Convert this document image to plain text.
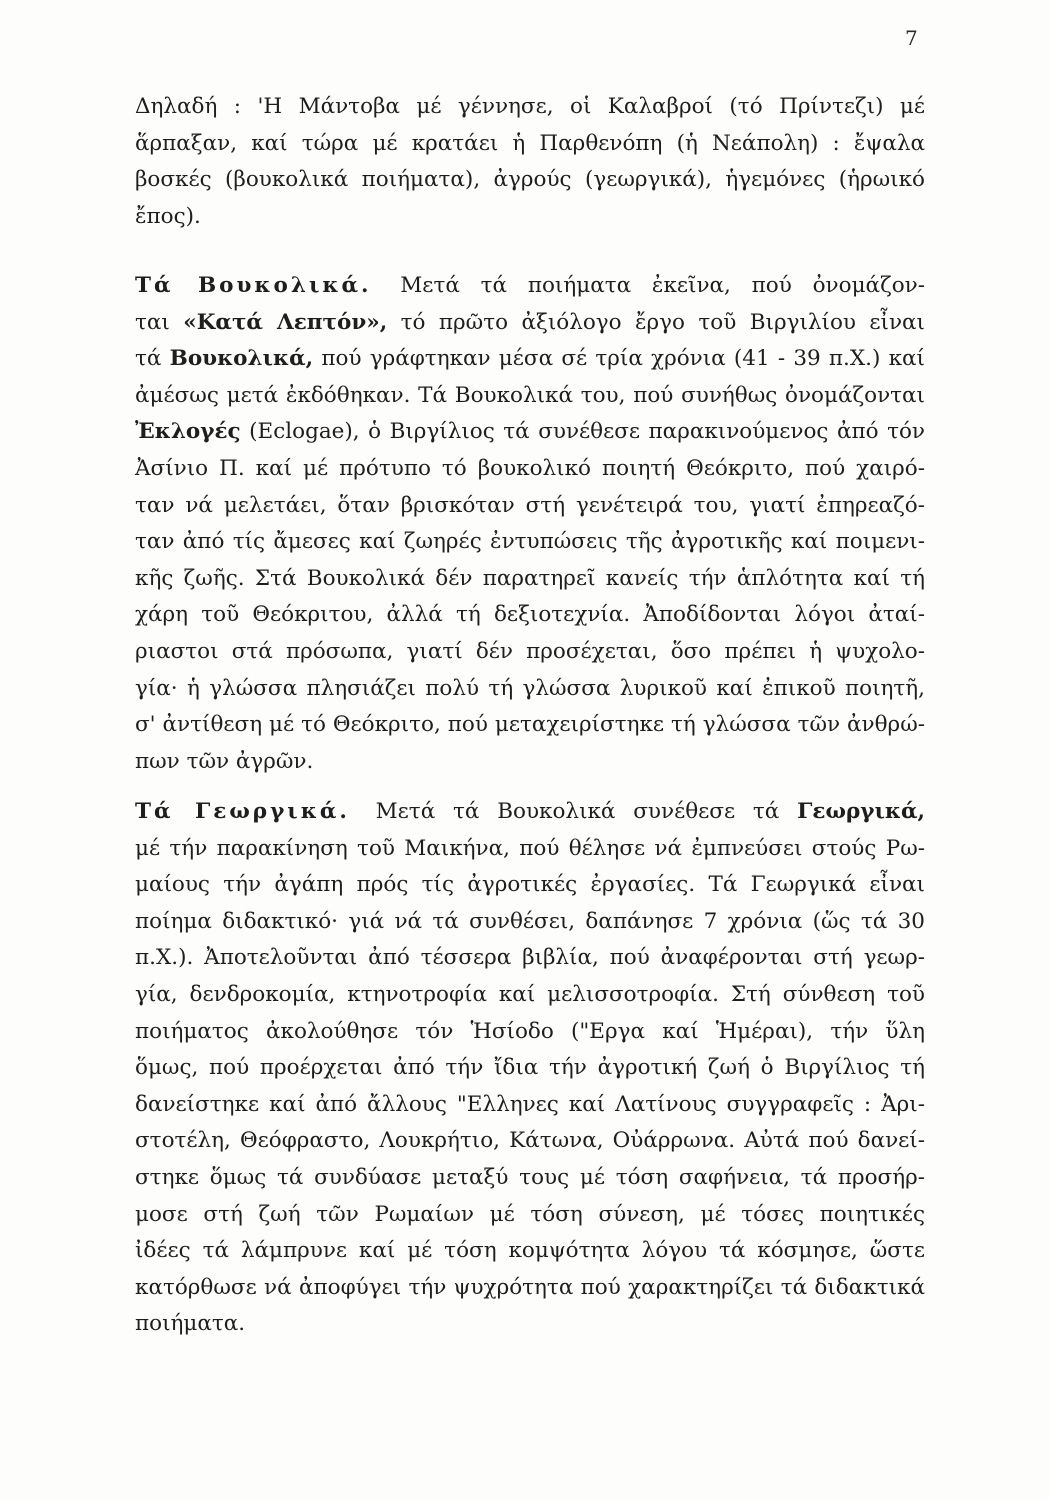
7
Δηλαδή : 'Η Μάντοβα μέ γέννησε, οἱ Καλαβροί (τό Πρίντεζι) μέ
ἅρπαξαν, καί τώρα μέ κρατάει ἡ Παρθενόπη (ἡ Νεάπολη) : ἔψαλα
βοσκές (βουκολικά ποιήματα), ἀγρούς (γεωργικά), ἡγεμόνες (ἡρωικό
ἔπος).
Τά Βουκολικά. Μετά τά ποιήματα ἐκεῖνα, πού ὀνομάζον-
ται «Κατά Λεπτόν», τό πρῶτο ἀξιόλογο ἔργο τοῦ Βιργιλίου εἶναι
τά Βουκολικά, πού γράφτηκαν μέσα σέ τρία χρόνια (41 - 39 π.Χ.) καί
ἀμέσως μετά ἐκδόθηκαν. Τά Βουκολικά του, πού συνήθως ὀνομάζονται
Ἐκλογές (Eclogae), ὁ Βιργίλιος τά συνέθεσε παρακινούμενος ἀπό τόν
Ἀσίνιο Π. καί μέ πρότυπο τό βουκολικό ποιητή Θεόκριτο, πού χαιρό-
ταν νά μελετάει, ὅταν βρισκόταν στή γενέτειρά του, γιατί ἐπηρεαζό-
ταν ἀπό τίς ἄμεσες καί ζωηρές ἐντυπώσεις τῆς ἀγροτικῆς καί ποιμενι-
κῆς ζωῆς. Στά Βουκολικά δέν παρατηρεῖ κανείς τήν ἁπλότητα καί τή
χάρη τοῦ Θεόκριτου, ἀλλά τή δεξιοτεχνία. Ἀποδίδονται λόγοι ἀταί-
ριαστοι στά πρόσωπα, γιατί δέν προσέχεται, ὅσο πρέπει ἡ ψυχολο-
γία· ἡ γλώσσα πλησιάζει πολύ τή γλώσσα λυρικοῦ καί ἐπικοῦ ποιητῆ,
σ' ἀντίθεση μέ τό Θεόκριτο, πού μεταχειρίστηκε τή γλώσσα τῶν ἀνθρώ-
πων τῶν ἀγρῶν.
Τά Γεωργικά. Μετά τά Βουκολικά συνέθεσε τά Γεωργικά,
μέ τήν παρακίνηση τοῦ Μαικήνα, πού θέλησε νά ἐμπνεύσει στούς Ρω-
μαίους τήν ἀγάπη πρός τίς ἀγροτικές ἐργασίες. Τά Γεωργικά εἶναι
ποίημα διδακτικό· γιά νά τά συνθέσει, δαπάνησε 7 χρόνια (ὥς τά 30
π.Χ.). Ἀποτελοῦνται ἀπό τέσσερα βιβλία, πού ἀναφέρονται στή γεωρ-
γία, δενδροκομία, κτηνοτροφία καί μελισσοτροφία. Στή σύνθεση τοῦ
ποιήματος ἀκολούθησε τόν Ἡσίοδο ("Εργα καί Ἡμέραι), τήν ὕλη
ὅμως, πού προέρχεται ἀπό τήν ἴδια τήν ἀγροτική ζωή ὁ Βιργίλιος τή
δανείστηκε καί ἀπό ἄλλους "Ελληνες καί Λατίνους συγγραφεῖς : Ἀρι-
στοτέλη, Θεόφραστο, Λουκρήτιο, Κάτωνα, Οὐάρρωνα. Αὐτά πού δανεί-
στηκε ὅμως τά συνδύασε μεταξύ τους μέ τόση σαφήνεια, τά προσήρ-
μοσε στή ζωή τῶν Ρωμαίων μέ τόση σύνεση, μέ τόσες ποιητικές
ἰδέες τά λάμπρυνε καί μέ τόση κομψότητα λόγου τά κόσμησε, ὥστε
κατόρθωσε νά ἀποφύγει τήν ψυχρότητα πού χαρακτηρίζει τά διδακτικά
ποιήματα.
